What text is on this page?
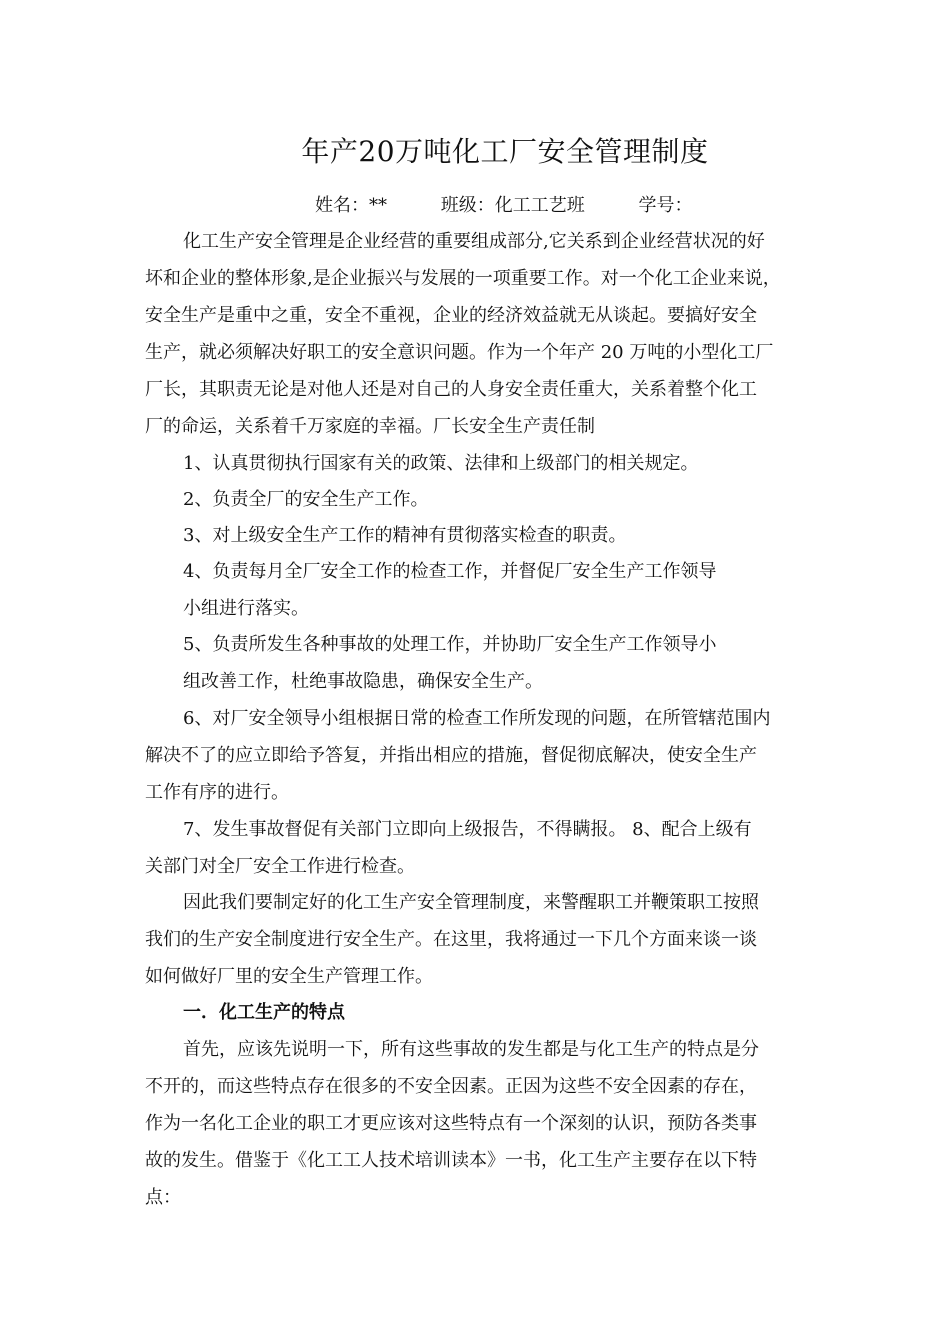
年产20万吨化工厂安全管理制度
姓名：**	班级：化工工艺班	学号：
化工生产安全管理是企业经营的重要组成部分,它关系到企业经营状况的好
坏和企业的整体形象,是企业振兴与发展的一项重要工作。对一个化工企业来说，
安全生产是重中之重，安全不重视，企业的经济效益就无从谈起。要搞好安全
生产，就必须解决好职工的安全意识问题。作为一个年产 20 万吨的小型化工厂
厂长，其职责无论是对他人还是对自己的人身安全责任重大，关系着整个化工
厂的命运，关系着千万家庭的幸福。厂长安全生产责任制
1、认真贯彻执行国家有关的政策、法律和上级部门的相关规定。
2、负责全厂的安全生产工作。
3、对上级安全生产工作的精神有贯彻落实检查的职责。
4、负责每月全厂安全工作的检查工作，并督促厂安全生产工作领导
小组进行落实。
5、负责所发生各种事故的处理工作，并协助厂安全生产工作领导小
组改善工作，杜绝事故隐患，确保安全生产。
6、对厂安全领导小组根据日常的检查工作所发现的问题，在所管辖范围内
解决不了的应立即给予答复，并指出相应的措施，督促彻底解决，使安全生产
工作有序的进行。
7、发生事故督促有关部门立即向上级报告，不得瞒报。 8、配合上级有
关部门对全厂安全工作进行检查。
因此我们要制定好的化工生产安全管理制度，来警醒职工并鞭策职工按照
我们的生产安全制度进行安全生产。在这里，我将通过一下几个方面来谈一谈
如何做好厂里的安全生产管理工作。
一．化工生产的特点
首先，应该先说明一下，所有这些事故的发生都是与化工生产的特点是分
不开的，而这些特点存在很多的不安全因素。正因为这些不安全因素的存在，
作为一名化工企业的职工才更应该对这些特点有一个深刻的认识，预防各类事
故的发生。借鉴于《化工工人技术培训读本》一书，化工生产主要存在以下特
点：
